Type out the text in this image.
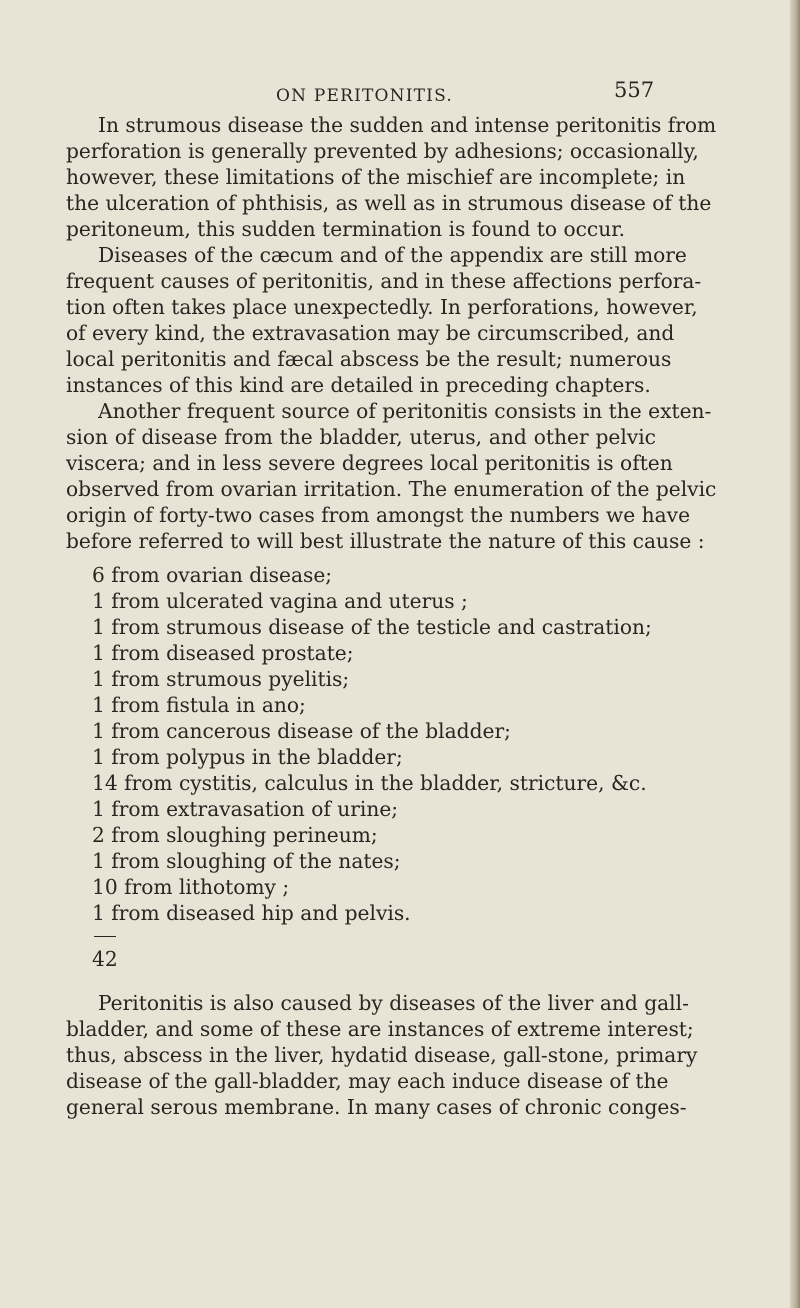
ON PERITONITIS.	557
In strumous disease the sudden and intense peritonitis from
perforation is generally prevented by adhesions; occasionally,
however, these limitations of the mischief are incomplete; in
the ulceration of phthisis, as well as in strumous disease of the
peritoneum, this sudden termination is found to occur.
Diseases of the cæcum and of the appendix are still more
frequent causes of peritonitis, and in these affections perfora-
tion often takes place unexpectedly. In perforations, however,
of every kind, the extravasation may be circumscribed, and
local peritonitis and fæcal abscess be the result; numerous
instances of this kind are detailed in preceding chapters.
Another frequent source of peritonitis consists in the exten-
sion of disease from the bladder, uterus, and other pelvic
viscera; and in less severe degrees local peritonitis is often
observed from ovarian irritation. The enumeration of the pelvic
origin of forty-two cases from amongst the numbers we have
before referred to will best illustrate the nature of this cause :
6 from ovarian disease;
1 from ulcerated vagina and uterus ;
1 from strumous disease of the testicle and castration;
1 from diseased prostate;
1 from strumous pyelitis;
1 from fistula in ano;
1 from cancerous disease of the bladder;
1 from polypus in the bladder;
14 from cystitis, calculus in the bladder, stricture, &c.
1 from extravasation of urine;
2 from sloughing perineum;
1 from sloughing of the nates;
10 from lithotomy ;
1 from diseased hip and pelvis.
42
Peritonitis is also caused by diseases of the liver and gall-
bladder, and some of these are instances of extreme interest;
thus, abscess in the liver, hydatid disease, gall-stone, primary
disease of the gall-bladder, may each induce disease of the
general serous membrane. In many cases of chronic conges-
